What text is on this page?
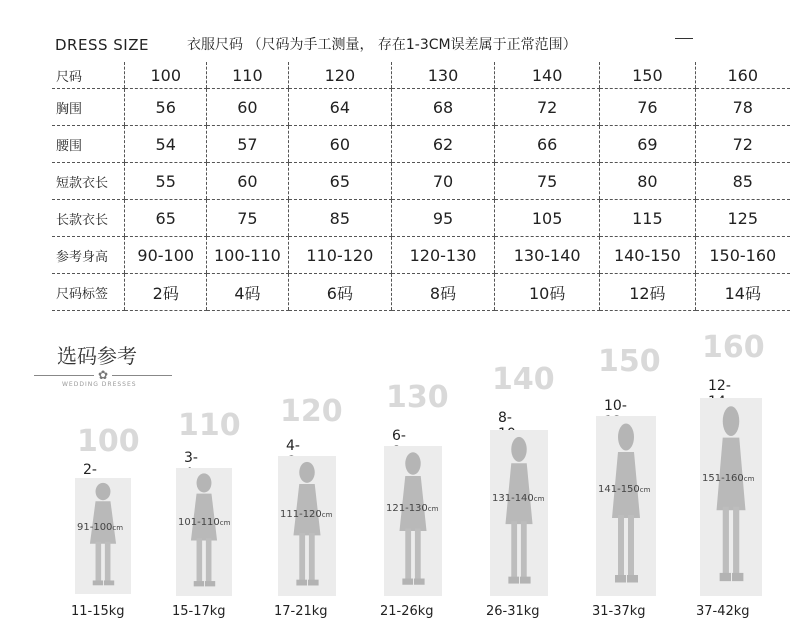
DRESS SIZE	衣服尺码 （尺码为手工测量， 存在1-3CM误差属于正常范围）
尺码	100	110	120	130	140	150	160
胸围	56	60	64	68	72	76	78
腰围	54	57	60	62	66	69	72
短款衣长	55	60	65	70	75	80	85
长款衣长	65	75	85	95	105	115	125
参考身高	90-100	100-110	110-120	120-130	130-140	140-150	150-160
尺码标签	2码	4码	6码	8码	10码	12码	14码
选码参考
✿
WEDDING DRESSES
100
2-
91-100cm
11-15kg
110
3-
101-110cm
15-17kg
120
4-
111-120cm
17-21kg
130
6-
121-130cm
21-26kg
140
8-
131-140cm
26-31kg
150
10-
141-150cm
31-37kg
160
12-
151-160cm
37-42kg
